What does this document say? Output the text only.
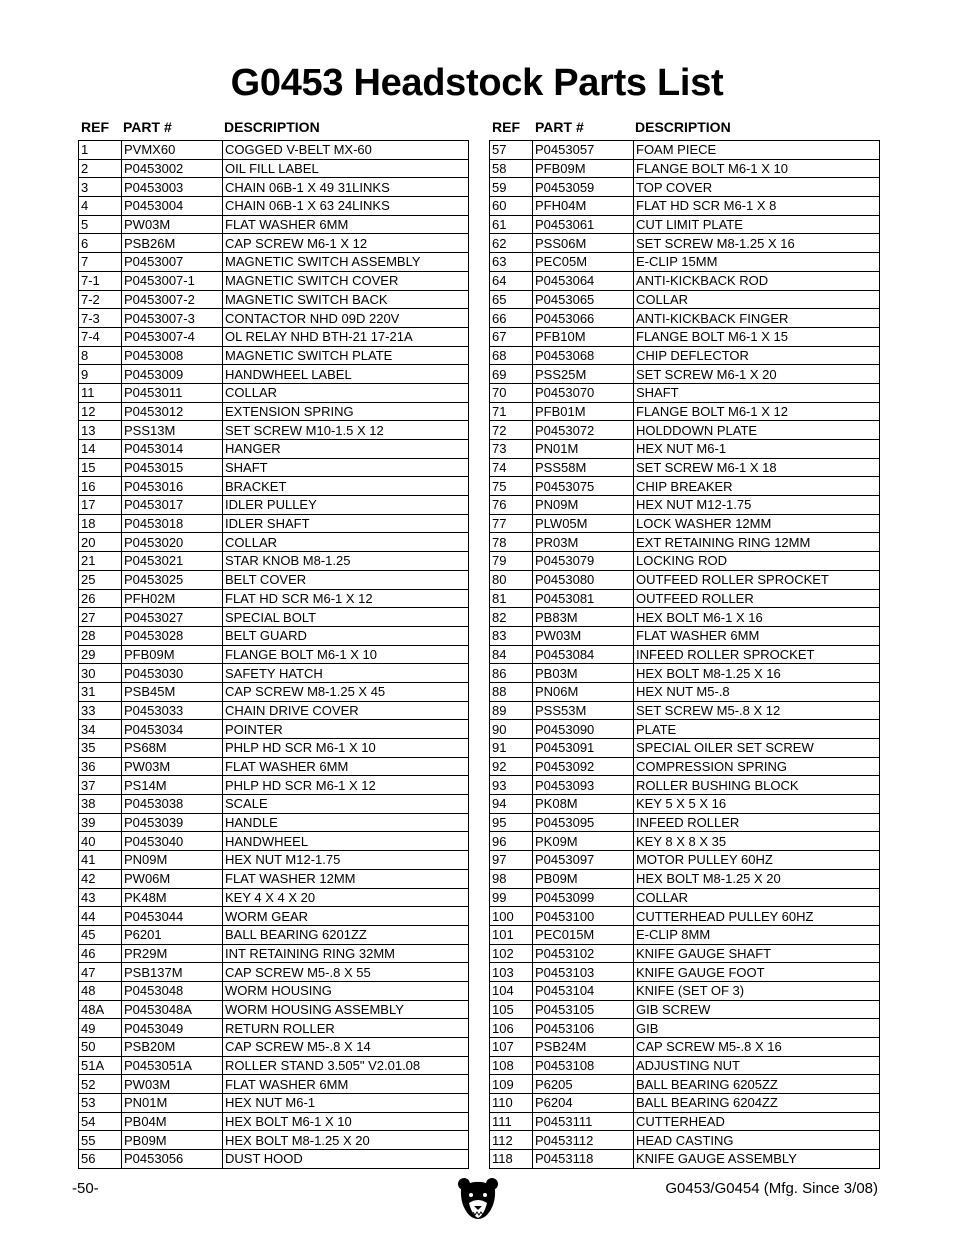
G0453 Headstock Parts List
REF PART #	DESCRIPTION
1	PVMX60	COGGED V-BELT MX-60
2	P0453002	OIL FILL LABEL
3	P0453003	CHAIN 06B-1 X 49 31LINKS
4	P0453004	CHAIN 06B-1 X 63 24LINKS
5	PW03M	FLAT WASHER 6MM
6	PSB26M	CAP SCREW M6-1 X 12
7	P0453007	MAGNETIC SWITCH ASSEMBLY
7-1	P0453007-1	MAGNETIC SWITCH COVER
7-2	P0453007-2	MAGNETIC SWITCH BACK
7-3	P0453007-3	CONTACTOR NHD 09D 220V
7-4	P0453007-4	OL RELAY NHD BTH-21 17-21A
8	P0453008	MAGNETIC SWITCH PLATE
9	P0453009	HANDWHEEL LABEL
11	P0453011	COLLAR
12	P0453012	EXTENSION SPRING
13	PSS13M	SET SCREW M10-1.5 X 12
14	P0453014	HANGER
15	P0453015	SHAFT
16	P0453016	BRACKET
17	P0453017	IDLER PULLEY
18	P0453018	IDLER SHAFT
20	P0453020	COLLAR
21	P0453021	STAR KNOB M8-1.25
25	P0453025	BELT COVER
26	PFH02M	FLAT HD SCR M6-1 X 12
27	P0453027	SPECIAL BOLT
28	P0453028	BELT GUARD
29	PFB09M	FLANGE BOLT M6-1 X 10
30	P0453030	SAFETY HATCH
31	PSB45M	CAP SCREW M8-1.25 X 45
33	P0453033	CHAIN DRIVE COVER
34	P0453034	POINTER
35	PS68M	PHLP HD SCR M6-1 X 10
36	PW03M	FLAT WASHER 6MM
37	PS14M	PHLP HD SCR M6-1 X 12
38	P0453038	SCALE
39	P0453039	HANDLE
40	P0453040	HANDWHEEL
41	PN09M	HEX NUT M12-1.75
42	PW06M	FLAT WASHER 12MM
43	PK48M	KEY 4 X 4 X 20
44	P0453044	WORM GEAR
45	P6201	BALL BEARING 6201ZZ
46	PR29M	INT RETAINING RING 32MM
47	PSB137M	CAP SCREW M5-.8 X 55
48	P0453048	WORM HOUSING
48A	P0453048A	WORM HOUSING ASSEMBLY
49	P0453049	RETURN ROLLER
50	PSB20M	CAP SCREW M5-.8 X 14
51A	P0453051A	ROLLER STAND 3.505" V2.01.08
52	PW03M	FLAT WASHER 6MM
53	PN01M	HEX NUT M6-1
54	PB04M	HEX BOLT M6-1 X 10
55	PB09M	HEX BOLT M8-1.25 X 20
56	P0453056	DUST HOOD
REF PART #	DESCRIPTION
57	P0453057	FOAM PIECE
58	PFB09M	FLANGE BOLT M6-1 X 10
59	P0453059	TOP COVER
60	PFH04M	FLAT HD SCR M6-1 X 8
61	P0453061	CUT LIMIT PLATE
62	PSS06M	SET SCREW M8-1.25 X 16
63	PEC05M	E-CLIP 15MM
64	P0453064	ANTI-KICKBACK ROD
65	P0453065	COLLAR
66	P0453066	ANTI-KICKBACK FINGER
67	PFB10M	FLANGE BOLT M6-1 X 15
68	P0453068	CHIP DEFLECTOR
69	PSS25M	SET SCREW M6-1 X 20
70	P0453070	SHAFT
71	PFB01M	FLANGE BOLT M6-1 X 12
72	P0453072	HOLDDOWN PLATE
73	PN01M	HEX NUT M6-1
74	PSS58M	SET SCREW M6-1 X 18
75	P0453075	CHIP BREAKER
76	PN09M	HEX NUT M12-1.75
77	PLW05M	LOCK WASHER 12MM
78	PR03M	EXT RETAINING RING 12MM
79	P0453079	LOCKING ROD
80	P0453080	OUTFEED ROLLER SPROCKET
81	P0453081	OUTFEED ROLLER
82	PB83M	HEX BOLT M6-1 X 16
83	PW03M	FLAT WASHER 6MM
84	P0453084	INFEED ROLLER SPROCKET
86	PB03M	HEX BOLT M8-1.25 X 16
88	PN06M	HEX NUT M5-.8
89	PSS53M	SET SCREW M5-.8 X 12
90	P0453090	PLATE
91	P0453091	SPECIAL OILER SET SCREW
92	P0453092	COMPRESSION SPRING
93	P0453093	ROLLER BUSHING BLOCK
94	PK08M	KEY 5 X 5 X 16
95	P0453095	INFEED ROLLER
96	PK09M	KEY 8 X 8 X 35
97	P0453097	MOTOR PULLEY 60HZ
98	PB09M	HEX BOLT M8-1.25 X 20
99	P0453099	COLLAR
100	P0453100	CUTTERHEAD PULLEY 60HZ
101	PEC015M	E-CLIP 8MM
102	P0453102	KNIFE GAUGE SHAFT
103	P0453103	KNIFE GAUGE FOOT
104	P0453104	KNIFE (SET OF 3)
105	P0453105	GIB SCREW
106	P0453106	GIB
107	PSB24M	CAP SCREW M5-.8 X 16
108	P0453108	ADJUSTING NUT
109	P6205	BALL BEARING 6205ZZ
110	P6204	BALL BEARING 6204ZZ
111	P0453111	CUTTERHEAD
112	P0453112	HEAD CASTING
118	P0453118	KNIFE GAUGE ASSEMBLY
-50-	G0453/G0454 (Mfg. Since 3/08)
